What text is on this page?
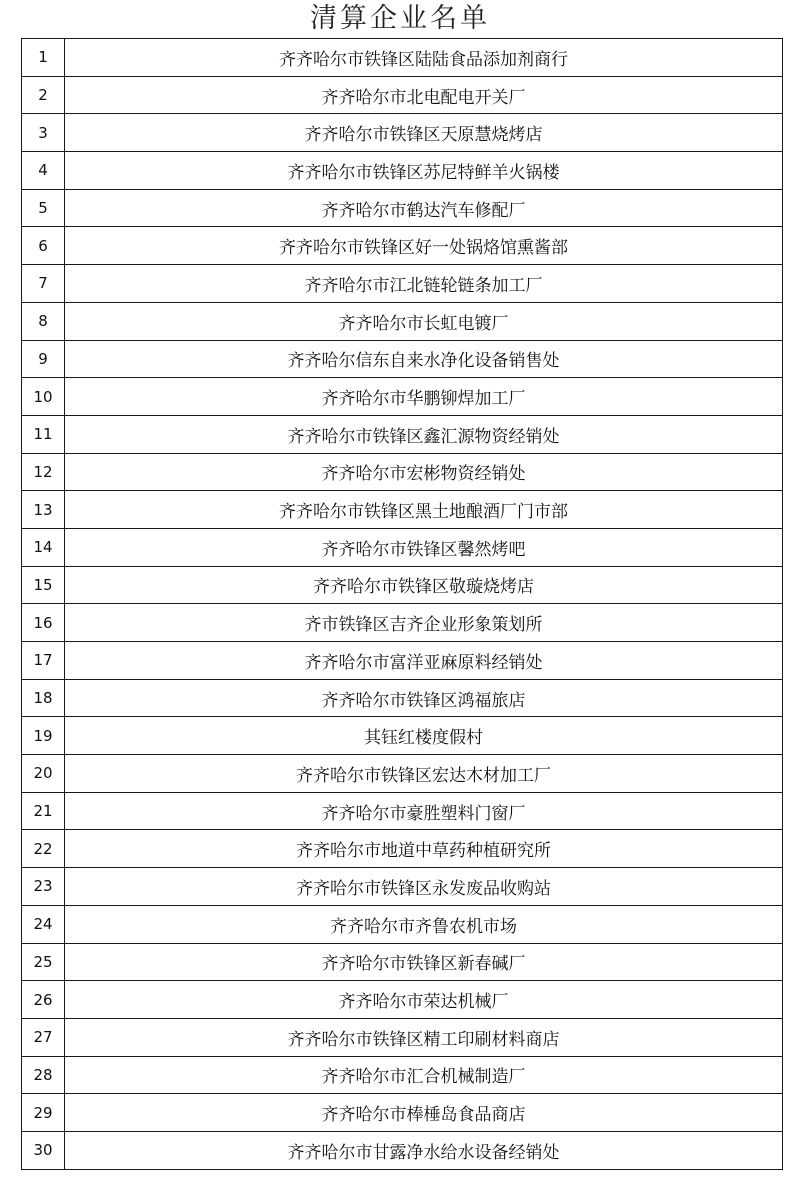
清算企业名单
1	齐齐哈尔市铁锋区陆陆食品添加剂商行
2	齐齐哈尔市北电配电开关厂
3	齐齐哈尔市铁锋区天原慧烧烤店
4	齐齐哈尔市铁锋区苏尼特鲜羊火锅楼
5	齐齐哈尔市鹤达汽车修配厂
6	齐齐哈尔市铁锋区好一处锅烙馆熏酱部
7	齐齐哈尔市江北链轮链条加工厂
8	齐齐哈尔市长虹电镀厂
9	齐齐哈尔信东自来水净化设备销售处
10	齐齐哈尔市华鹏铆焊加工厂
11	齐齐哈尔市铁锋区鑫汇源物资经销处
12	齐齐哈尔市宏彬物资经销处
13	齐齐哈尔市铁锋区黑土地酿酒厂门市部
14	齐齐哈尔市铁锋区馨然烤吧
15	齐齐哈尔市铁锋区敬璇烧烤店
16	齐市铁锋区吉齐企业形象策划所
17	齐齐哈尔市富洋亚麻原料经销处
18	齐齐哈尔市铁锋区鸿福旅店
19	其钰红楼度假村
20	齐齐哈尔市铁锋区宏达木材加工厂
21	齐齐哈尔市豪胜塑料门窗厂
22	齐齐哈尔市地道中草药种植研究所
23	齐齐哈尔市铁锋区永发废品收购站
24	齐齐哈尔市齐鲁农机市场
25	齐齐哈尔市铁锋区新春碱厂
26	齐齐哈尔市荣达机械厂
27	齐齐哈尔市铁锋区精工印刷材料商店
28	齐齐哈尔市汇合机械制造厂
29	齐齐哈尔市棒棰岛食品商店
30	齐齐哈尔市甘露净水给水设备经销处
